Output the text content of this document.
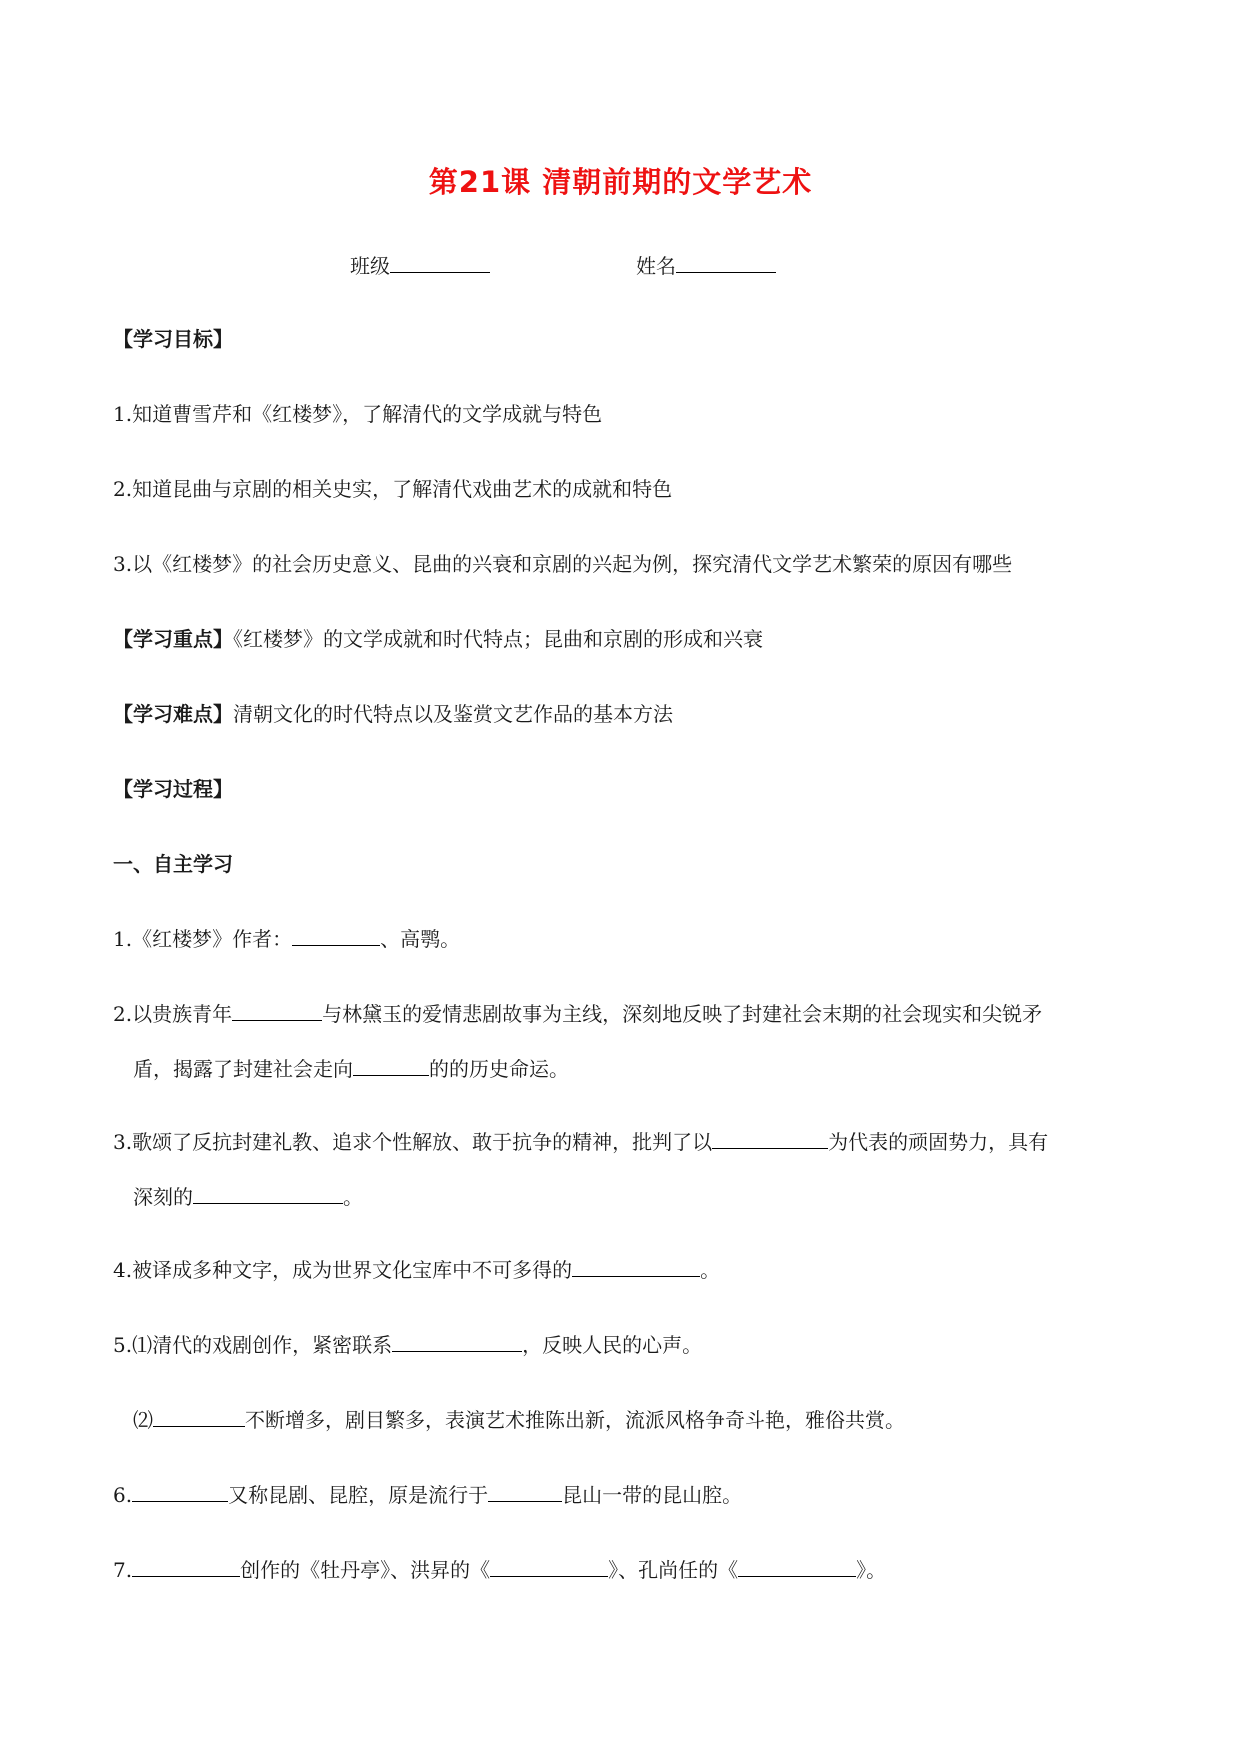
第21课 清朝前期的文学艺术
班级	姓名
【学习目标】
1.知道曹雪芹和《红楼梦》，了解清代的文学成就与特色
2.知道昆曲与京剧的相关史实，了解清代戏曲艺术的成就和特色
3.以《红楼梦》的社会历史意义、昆曲的兴衰和京剧的兴起为例，探究清代文学艺术繁荣的原因有哪些
【学习重点】《红楼梦》的文学成就和时代特点；昆曲和京剧的形成和兴衰
【学习难点】清朝文化的时代特点以及鉴赏文艺作品的基本方法
【学习过程】
一、自主学习
1.《红楼梦》作者：	、高鹗。
2.以贵族青年	与林黛玉的爱情悲剧故事为主线，深刻地反映了封建社会末期的社会现实和尖锐矛
盾，揭露了封建社会走向	的的历史命运。
3.歌颂了反抗封建礼教、追求个性解放、敢于抗争的精神，批判了以	为代表的顽固势力，具有
深刻的	。
4.被译成多种文字，成为世界文化宝库中不可多得的	。
5.⑴清代的戏剧创作，紧密联系	，反映人民的心声。
⑵	不断增多，剧目繁多，表演艺术推陈出新，流派风格争奇斗艳，雅俗共赏。
6.	又称昆剧、昆腔，原是流行于	昆山一带的昆山腔。
7.	创作的《牡丹亭》、洪昇的《	》、孔尚任的《	》。
